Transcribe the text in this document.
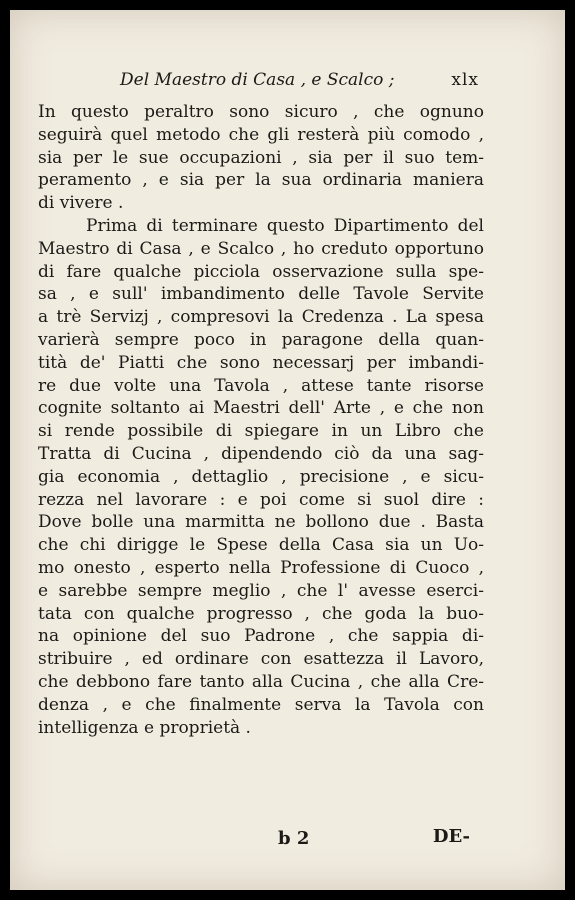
Del Maestro di Casa , e Scalco ;	xlx
In questo peraltro sono sicuro , che ognuno
seguirà quel metodo che gli resterà più comodo ,
sia per le sue occupazioni , sia per il suo tem-
peramento , e sia per la sua ordinaria maniera
di vivere .
Prima di terminare questo Dipartimento del
Maestro di Casa , e Scalco , ho creduto opportuno
di fare qualche picciola osservazione sulla spe-
sa , e sull' imbandimento delle Tavole Servite
a trè Servizj , compresovi la Credenza . La spesa
varierà sempre poco in paragone della quan-
tità de' Piatti che sono necessarj per imbandi-
re due volte una Tavola , attese tante risorse
cognite soltanto ai Maestri dell' Arte , e che non
si rende possibile di spiegare in un Libro che
Tratta di Cucina , dipendendo ciò da una sag-
gia economia , dettaglio , precisione , e sicu-
rezza nel lavorare : e poi come si suol dire :
Dove bolle una marmitta ne bollono due . Basta
che chi dirigge le Spese della Casa sia un Uo-
mo onesto , esperto nella Professione di Cuoco ,
e sarebbe sempre meglio , che l' avesse eserci-
tata con qualche progresso , che goda la buo-
na opinione del suo Padrone , che sappia di-
stribuire , ed ordinare con esattezza il Lavoro,
che debbono fare tanto alla Cucina , che alla Cre-
denza , e che finalmente serva la Tavola con
intelligenza e proprietà .
b 2	DE-
